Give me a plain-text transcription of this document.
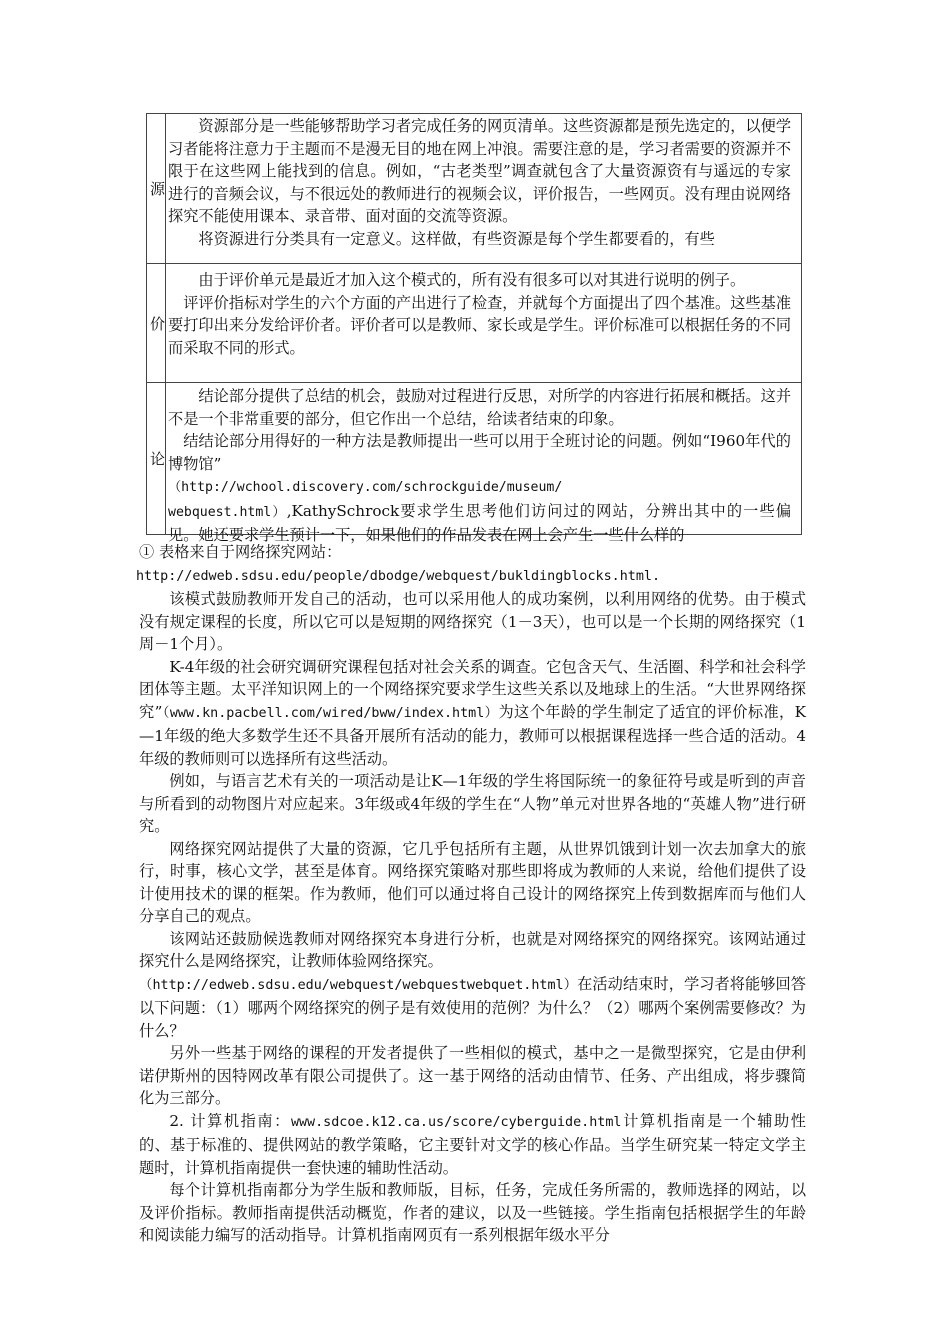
源	资源部分是一些能够帮助学习者完成任务的网页清单。这些资源都是预先选定的，以便学习者能将注意力于主题而不是漫无目的地在网上冲浪。需要注意的是，学习者需要的资源并不限于在这些网上能找到的信息。例如，“古老类型”调查就包含了大量资源资有与遥远的专家进行的音频会议，与不很远处的教师进行的视频会议，评价报告，一些网页。没有理由说网络探究不能使用课本、录音带、面对面的交流等资源。

将资源进行分类具有一定意义。这样做，有些资源是每个学生都要看的，有些

价	由于评价单元是最近才加入这个模式的，所有没有很多可以对其进行说明的例子。

评评价指标对学生的六个方面的产出进行了检查，并就每个方面提出了四个基准。这些基准要打印出来分发给评价者。评价者可以是教师、家长或是学生。评价标准可以根据任务的不同而采取不同的形式。

论	结论部分提供了总结的机会，鼓励对过程进行反思，对所学的内容进行拓展和概括。这并不是一个非常重要的部分，但它作出一个总结，给读者结束的印象。

结结论部分用得好的一种方法是教师提出一些可以用于全班讨论的问题。例如“I960年代的博物馆”

（http://wchool.discovery.com/schrockguide/museum/
webquest.html）,KathySchrock要求学生思考他们访问过的网站，分辨出其中的一些偏见。她还要求学生预计一下，如果他们的作品发表在网上会产生一些什么样的

① 表格来自于网络探究网站：

http://edweb.sdsu.edu/people/dbodge/webquest/bukldingblocks.html.

该模式鼓励教师开发自己的活动，也可以采用他人的成功案例，以利用网络的优势。由于模式没有规定课程的长度，所以它可以是短期的网络探究（1－3天），也可以是一个长期的网络探究（1周－1个月）。

K-4年级的社会研究调研究课程包括对社会关系的调查。它包含天气、生活圈、科学和社会科学团体等主题。太平洋知识网上的一个网络探究要求学生这些关系以及地球上的生活。“大世界网络探究”（www.kn.pacbell.com/wired/bww/index.html）为这个年龄的学生制定了适宜的评价标准，K—1年级的绝大多数学生还不具备开展所有活动的能力，教师可以根据课程选择一些合适的活动。4年级的教师则可以选择所有这些活动。

例如，与语言艺术有关的一项活动是让K—1年级的学生将国际统一的象征符号或是听到的声音与所看到的动物图片对应起来。3年级或4年级的学生在“人物”单元对世界各地的“英雄人物”进行研究。

网络探究网站提供了大量的资源，它几乎包括所有主题，从世界饥饿到计划一次去加拿大的旅行，时事，核心文学，甚至是体育。网络探究策略对那些即将成为教师的人来说，给他们提供了设计使用技术的课的框架。作为教师，他们可以通过将自己设计的网络探究上传到数据库而与他们人分享自己的观点。

该网站还鼓励候选教师对网络探究本身进行分析，也就是对网络探究的网络探究。该网站通过探究什么是网络探究，让教师体验网络探究。

（http://edweb.sdsu.edu/webquest/webquestwebquet.html）在活动结束时，学习者将能够回答以下问题：（1）哪两个网络探究的例子是有效使用的范例？为什么？（2）哪两个案例需要修改？为什么？

另外一些基于网络的课程的开发者提供了一些相似的模式，基中之一是微型探究，它是由伊利诺伊斯州的因特网改革有限公司提供了。这一基于网络的活动由情节、任务、产出组成，将步骤简化为三部分。

2. 计算机指南：www.sdcoe.k12.ca.us/score/cyberguide.html计算机指南是一个辅助性的、基于标准的、提供网站的教学策略，它主要针对文学的核心作品。当学生研究某一特定文学主题时，计算机指南提供一套快速的辅助性活动。

每个计算机指南都分为学生版和教师版，目标，任务，完成任务所需的，教师选择的网站，以及评价指标。教师指南提供活动概览，作者的建议，以及一些链接。学生指南包括根据学生的年龄和阅读能力编写的活动指导。计算机指南网页有一系列根据年级水平分
